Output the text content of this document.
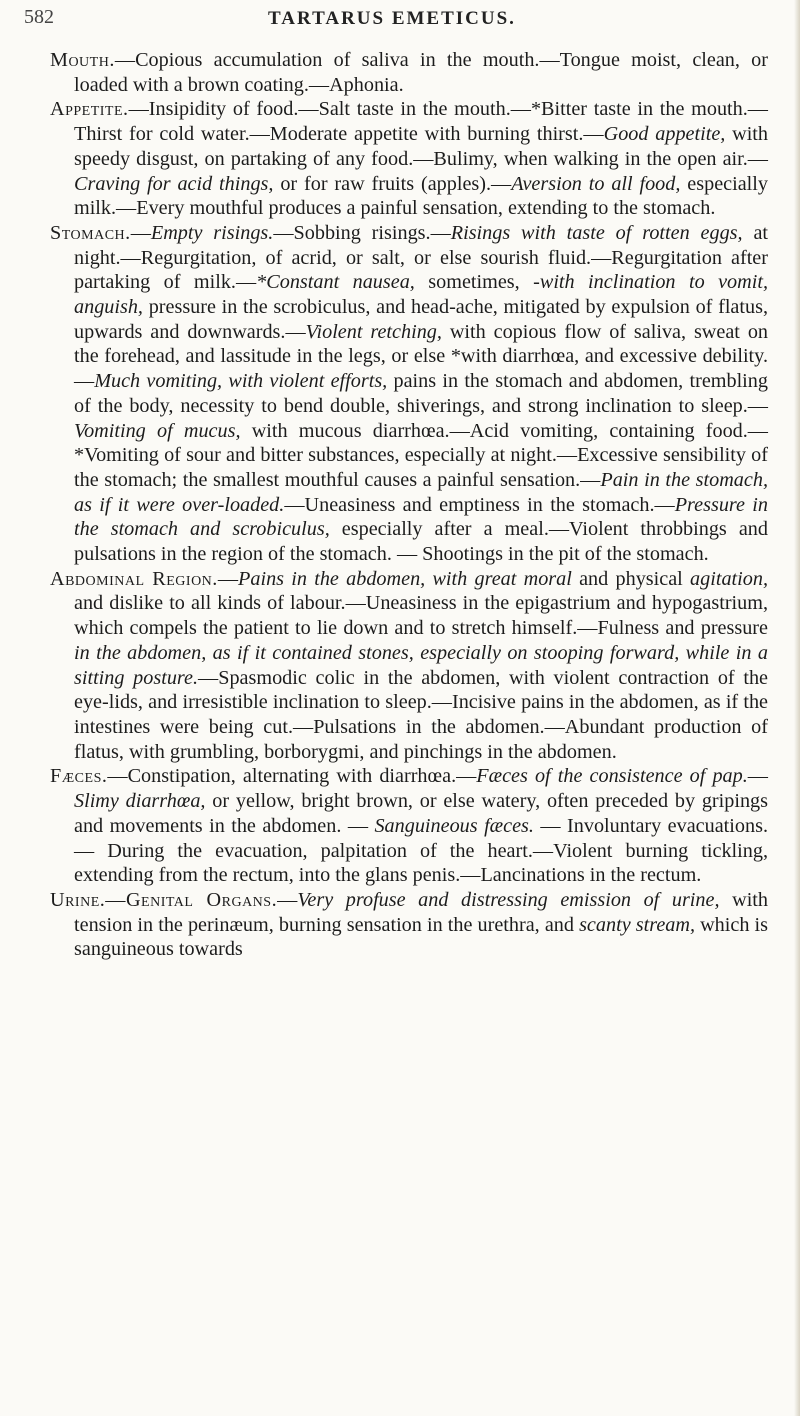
582	TARTARUS EMETICUS.

Mouth.—Copious accumulation of saliva in the mouth.—Tongue moist, clean, or loaded with a brown coating.—Aphonia.

Appetite.—Insipidity of food.—Salt taste in the mouth.—*Bitter taste in the mouth.—Thirst for cold water.—Moderate appetite with burning thirst.—Good appetite, with speedy disgust, on partaking of any food.—Bulimy, when walking in the open air.—Craving for acid things, or for raw fruits (apples).—Aversion to all food, especially milk.—Every mouthful produces a painful sensation, extending to the stomach.

Stomach.—Empty risings.—Sobbing risings.—Risings with taste of rotten eggs, at night.—Regurgitation, of acrid, or salt, or else sourish fluid.—Regurgitation after partaking of milk.—*Constant nausea, sometimes, -with inclination to vomit, anguish, pressure in the scrobiculus, and head-ache, mitigated by expulsion of flatus, upwards and downwards.—Violent retching, with copious flow of saliva, sweat on the forehead, and lassitude in the legs, or else *with diarrhœa, and excessive debility.—Much vomiting, with violent efforts, pains in the stomach and abdomen, trembling of the body, necessity to bend double, shiverings, and strong inclination to sleep.—Vomiting of mucus, with mucous diarrhœa.—Acid vomiting, containing food.—*Vomiting of sour and bitter substances, especially at night.—Excessive sensibility of the stomach; the smallest mouthful causes a painful sensation.—Pain in the stomach, as if it were over-loaded.—Uneasiness and emptiness in the stomach.—Pressure in the stomach and scrobiculus, especially after a meal.—Violent throbbings and pulsations in the region of the stomach. — Shootings in the pit of the stomach.

Abdominal Region.—Pains in the abdomen, with great moral and physical agitation, and dislike to all kinds of labour.—Uneasiness in the epigastrium and hypogastrium, which compels the patient to lie down and to stretch himself.—Fulness and pressure in the abdomen, as if it contained stones, especially on stooping forward, while in a sitting posture.—Spasmodic colic in the abdomen, with violent contraction of the eye-lids, and irresistible inclination to sleep.—Incisive pains in the abdomen, as if the intestines were being cut.—Pulsations in the abdomen.—Abundant production of flatus, with grumbling, borborygmi, and pinchings in the abdomen.

Fæces.—Constipation, alternating with diarrhœa.—Fæces of the consistence of pap.—Slimy diarrhœa, or yellow, bright brown, or else watery, often preceded by gripings and movements in the abdomen. — Sanguineous fæces. — Involuntary evacuations. — During the evacuation, palpitation of the heart.—Violent burning tickling, extending from the rectum, into the glans penis.—Lancinations in the rectum.

Urine.—Genital Organs.—Very profuse and distressing emission of urine, with tension in the perinæum, burning sensation in the urethra, and scanty stream, which is sanguineous towards
